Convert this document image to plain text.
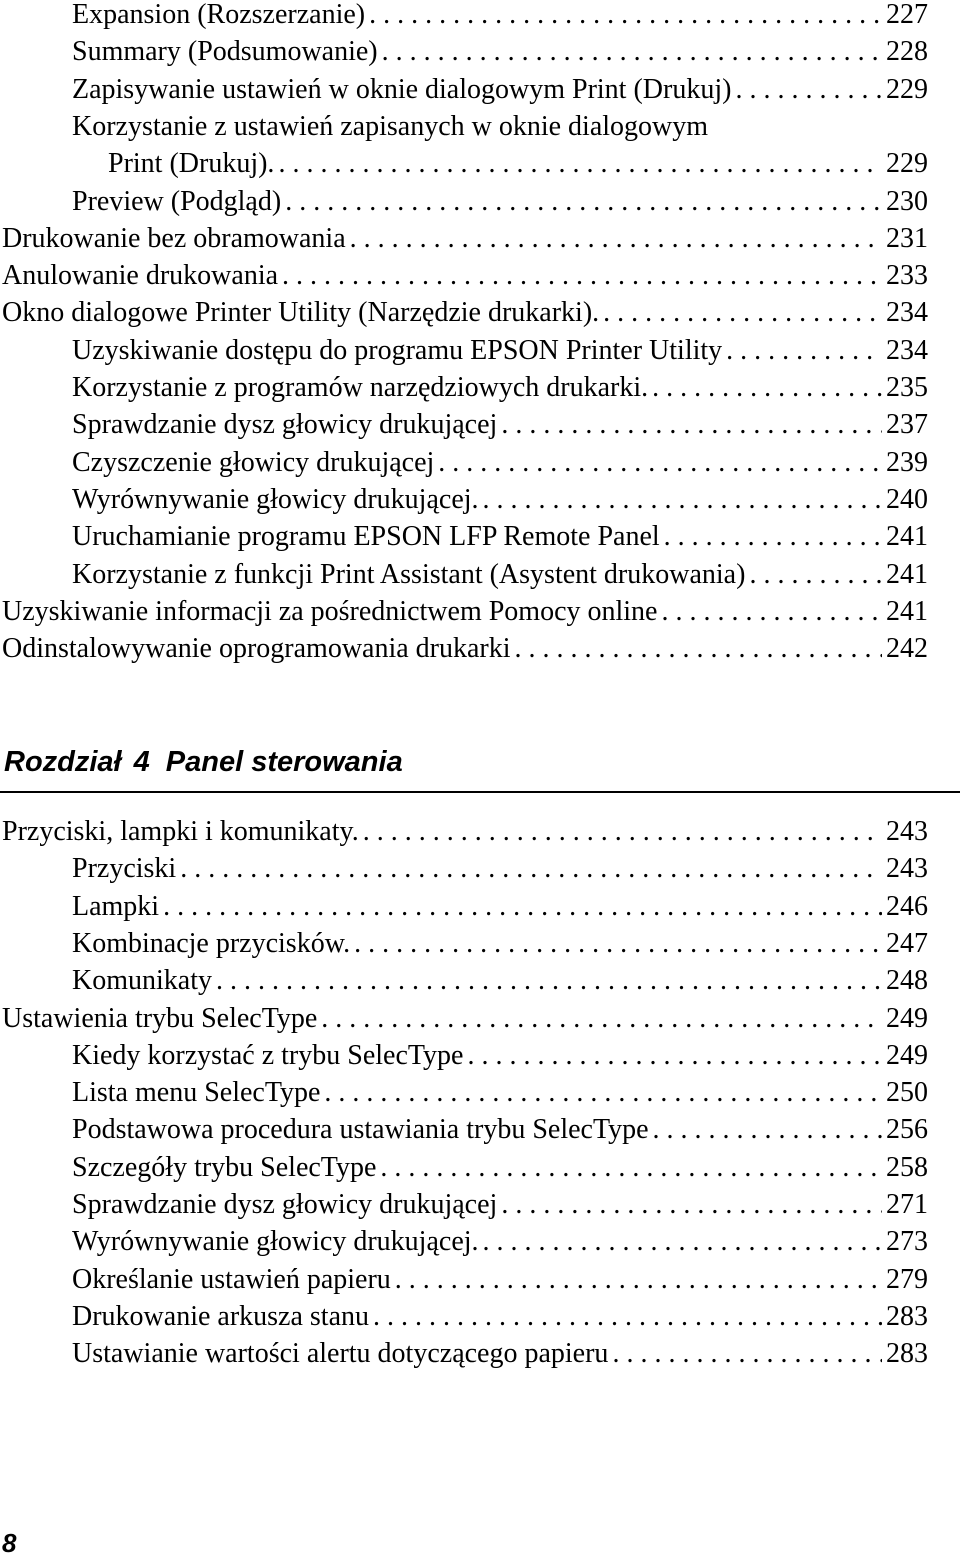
Expansion (Rozszerzanie) . . .	227
Summary (Podsumowanie) . . .	228
Zapisywanie ustawień w oknie dialogowym Print (Drukuj) . . .	229
Korzystanie z ustawień zapisanych w oknie dialogowym
Print (Drukuj). . . .	229
Preview (Podgląd) . . .	230
Drukowanie bez obramowania . . .	231
Anulowanie drukowania . . .	233
Okno dialogowe Printer Utility (Narzędzie drukarki). . . .	234
Uzyskiwanie dostępu do programu EPSON Printer Utility . . .	234
Korzystanie z programów narzędziowych drukarki. . . .	235
Sprawdzanie dysz głowicy drukującej . . .	237
Czyszczenie głowicy drukującej . . .	239
Wyrównywanie głowicy drukującej. . . .	240
Uruchamianie programu EPSON LFP Remote Panel . . .	241
Korzystanie z funkcji Print Assistant (Asystent drukowania) . . .	241
Uzyskiwanie informacji za pośrednictwem Pomocy online . . .	241
Odinstalowywanie oprogramowania drukarki . . .	242
Rozdział 4 Panel sterowania
Przyciski, lampki i komunikaty. . . .	243
Przyciski . . .	243
Lampki . . .	246
Kombinacje przycisków. . . .	247
Komunikaty . . .	248
Ustawienia trybu SelecType . . .	249
Kiedy korzystać z trybu SelecType . . .	249
Lista menu SelecType . . .	250
Podstawowa procedura ustawiania trybu SelecType . . .	256
Szczegóły trybu SelecType . . .	258
Sprawdzanie dysz głowicy drukującej . . .	271
Wyrównywanie głowicy drukującej. . . .	273
Określanie ustawień papieru . . .	279
Drukowanie arkusza stanu . . .	283
Ustawianie wartości alertu dotyczącego papieru . . .	283
8
